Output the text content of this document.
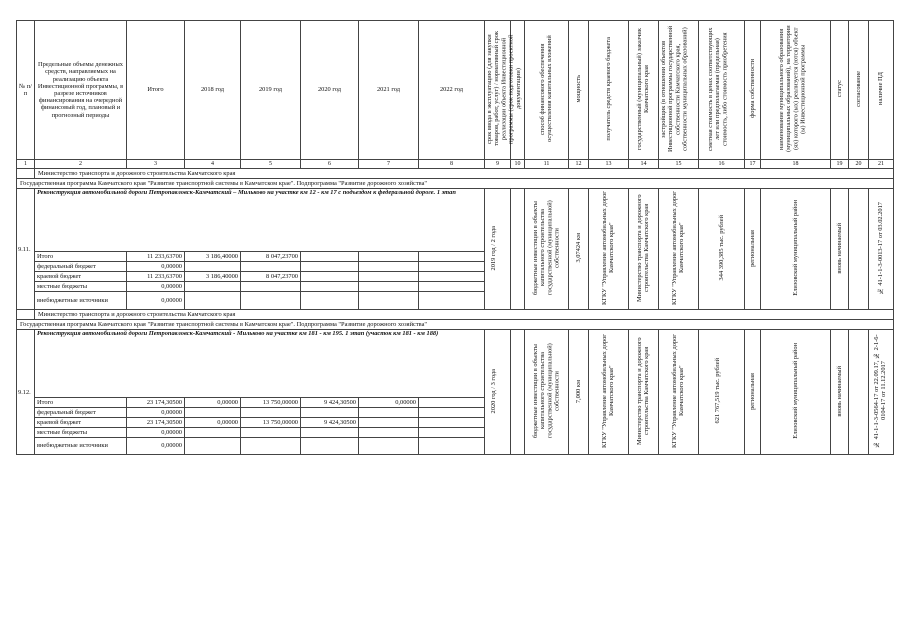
№ п/п	Предельные объемы денежных средств, направляемых на реализацию объекта Инвестиционной программы, в разрезе источников финансирования на очередной финансовый год, плановый и прогнозный периоды	Итого	2018 год	2019 год	2020 год	2021 год	2022 год	срок ввода в эксплуатацию (для закупки товаров, работ, услуг) / нормативный срок реализации объекта Инвестиционной программы (срок подготовки проектной документации)		способ финансового обеспечения осуществления капитальных вложений	мощность	получатель средств краевого бюджета	государственный (муниципальный) заказчик Камчатского края	застройщик (в отношении объектов Инвестиционной программы государственной собственности Камчатского края, собственности муниципальных образований)	сметная стоимость в ценах соответствующих лет или предполагаемая (предельная) стоимость, либо стоимость приобретения	форма собственности	наименование муниципального образования (муниципальных образований), на территории (ях) которого (ых) реализуется (ются) объект (ы) Инвестиционной программы	статус	согласование	наличие ПД
1	2	3	4	5	6	7	8	9	10	11	12	13	14	15	16	17	18	19	20	21
	Министерство транспорта и дорожного строительства Камчатского края																			
Государственная программа Камчатского края "Развитие транспортной системы в Камчатском крае". Подпрограмма "Развитие дорожного хозяйства"																				
9.11.	Реконструкция автомобильной дороги Петропавловск-Камчатский – Мильково на участке км 12 - км 17 с подъездом к федеральной дороге. 1 этап							2019 год / 2 года		бюджетные инвестиции в объекты капитального строительства государственной (муниципальной) собственности	3,07424 км	КГКУ "Управление автомобильных дорог Камчатского края"	Министерство транспорта и дорожного строительства Камчатского края	КГКУ "Управление автомобильных дорог Камчатского края"	344 390,385 тыс. рублей	региональная	Елизовский муниципальный район	вновь начинаемый		№ 41-1-1-3-0013-17 от 03.02.2017
	Итого	11 233,63700	3 186,40000	8 047,23700																
	федеральный бюджет	0,00000																		
	краевой бюджет	11 233,63700	3 186,40000	8 047,23700																
	местные бюджеты	0,00000																		
	внебюджетные источники	0,00000																		
	Министерство транспорта и дорожного строительства Камчатского края																			
Государственная программа Камчатского края "Развитие транспортной системы в Камчатском крае". Подпрограмма "Развитие дорожного хозяйства"																				
9.12.	Реконструкция автомобильной дороги Петропавловск-Камчатский - Мильково на участке км 181 - км 195. 1 этап (участок км 181 - км 188)							2020 год / 3 года		бюджетные инвестиции в объекты капитального строительства государственной (муниципальной) собственности	7,000 км	КГКУ "Управление автомобильных дорог Камчатского края"	Министерство транспорта и дорожного строительства Камчатского края	КГКУ "Управление автомобильных дорог Камчатского края"	621 767,519 тыс. рублей	региональная	Елизовский муниципальный район	вновь начинаемый		№ 41-1-1-3-0564-17 от 22.09.17, № 2-1-6-0104-17 от 11.12.2017
	Итого	23 174,30500	0,00000	13 750,00000	9 424,30500	0,00000														
	федеральный бюджет	0,00000																		
	краевой бюджет	23 174,30500	0,00000	13 750,00000	9 424,30500															
	местные бюджеты	0,00000																		
	внебюджетные источники	0,00000																		
